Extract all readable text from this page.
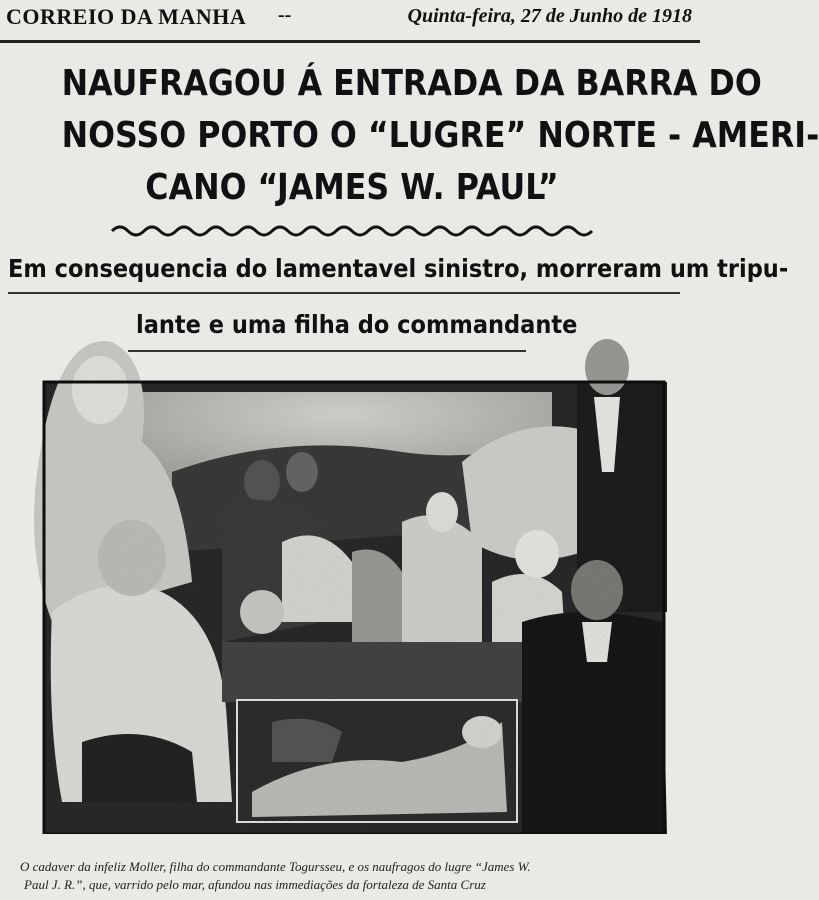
CORREIO DA MANHA --	Quinta-feira, 27 de Junho de 1918
NAUFRAGOU Á ENTRADA DA BARRA DO
NOSSO PORTO O “LUGRE” NORTE - AMERI-
CANO “JAMES W. PAUL”
Em consequencia do lamentavel sinistro, morreram um tripu-
lante e uma filha do commandante
O cadaver da infeliz Moller, filha do commandante Togursseu, e os naufragos do lugre “James W.
Paul J. R.”, que, varrido pelo mar, afundou nas immediações da fortaleza de Santa Cruz
